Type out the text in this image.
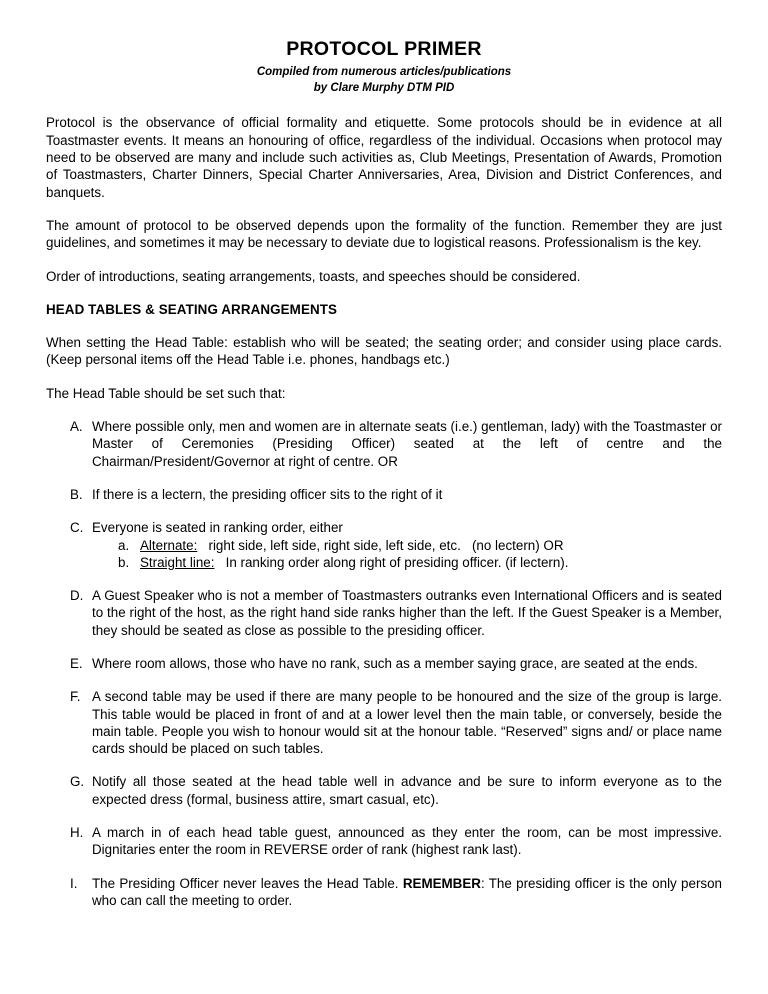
PROTOCOL PRIMER
Compiled from numerous articles/publications
by Clare Murphy DTM PID

Protocol is the observance of official formality and etiquette. Some protocols should be in evidence at all Toastmaster events. It means an honouring of office, regardless of the individual. Occasions when protocol may need to be observed are many and include such activities as, Club Meetings, Presentation of Awards, Promotion of Toastmasters, Charter Dinners, Special Charter Anniversaries, Area, Division and District Conferences, and banquets.

The amount of protocol to be observed depends upon the formality of the function. Remember they are just guidelines, and sometimes it may be necessary to deviate due to logistical reasons. Professionalism is the key.

Order of introductions, seating arrangements, toasts, and speeches should be considered.

HEAD TABLES & SEATING ARRANGEMENTS

When setting the Head Table: establish who will be seated; the seating order; and consider using place cards. (Keep personal items off the Head Table i.e. phones, handbags etc.)

The Head Table should be set such that:

A. Where possible only, men and women are in alternate seats (i.e.) gentleman, lady) with the Toastmaster or Master of Ceremonies (Presiding Officer) seated at the left of centre and the Chairman/President/Governor at right of centre. OR
B. If there is a lectern, the presiding officer sits to the right of it
C. Everyone is seated in ranking order, either
a. Alternate:   right side, left side, right side, left side, etc.   (no lectern) OR
b. Straight line:   In ranking order along right of presiding officer. (if lectern).
D. A Guest Speaker who is not a member of Toastmasters outranks even International Officers and is seated to the right of the host, as the right hand side ranks higher than the left. If the Guest Speaker is a Member, they should be seated as close as possible to the presiding officer.
E. Where room allows, those who have no rank, such as a member saying grace, are seated at the ends.
F. A second table may be used if there are many people to be honoured and the size of the group is large. This table would be placed in front of and at a lower level then the main table, or conversely, beside the main table. People you wish to honour would sit at the honour table. “Reserved” signs and/ or place name cards should be placed on such tables.
G. Notify all those seated at the head table well in advance and be sure to inform everyone as to the expected dress (formal, business attire, smart casual, etc).
H. A march in of each head table guest, announced as they enter the room, can be most impressive. Dignitaries enter the room in REVERSE order of rank (highest rank last).
I.	The Presiding Officer never leaves the Head Table. REMEMBER: The presiding officer is the only person who can call the meeting to order.
